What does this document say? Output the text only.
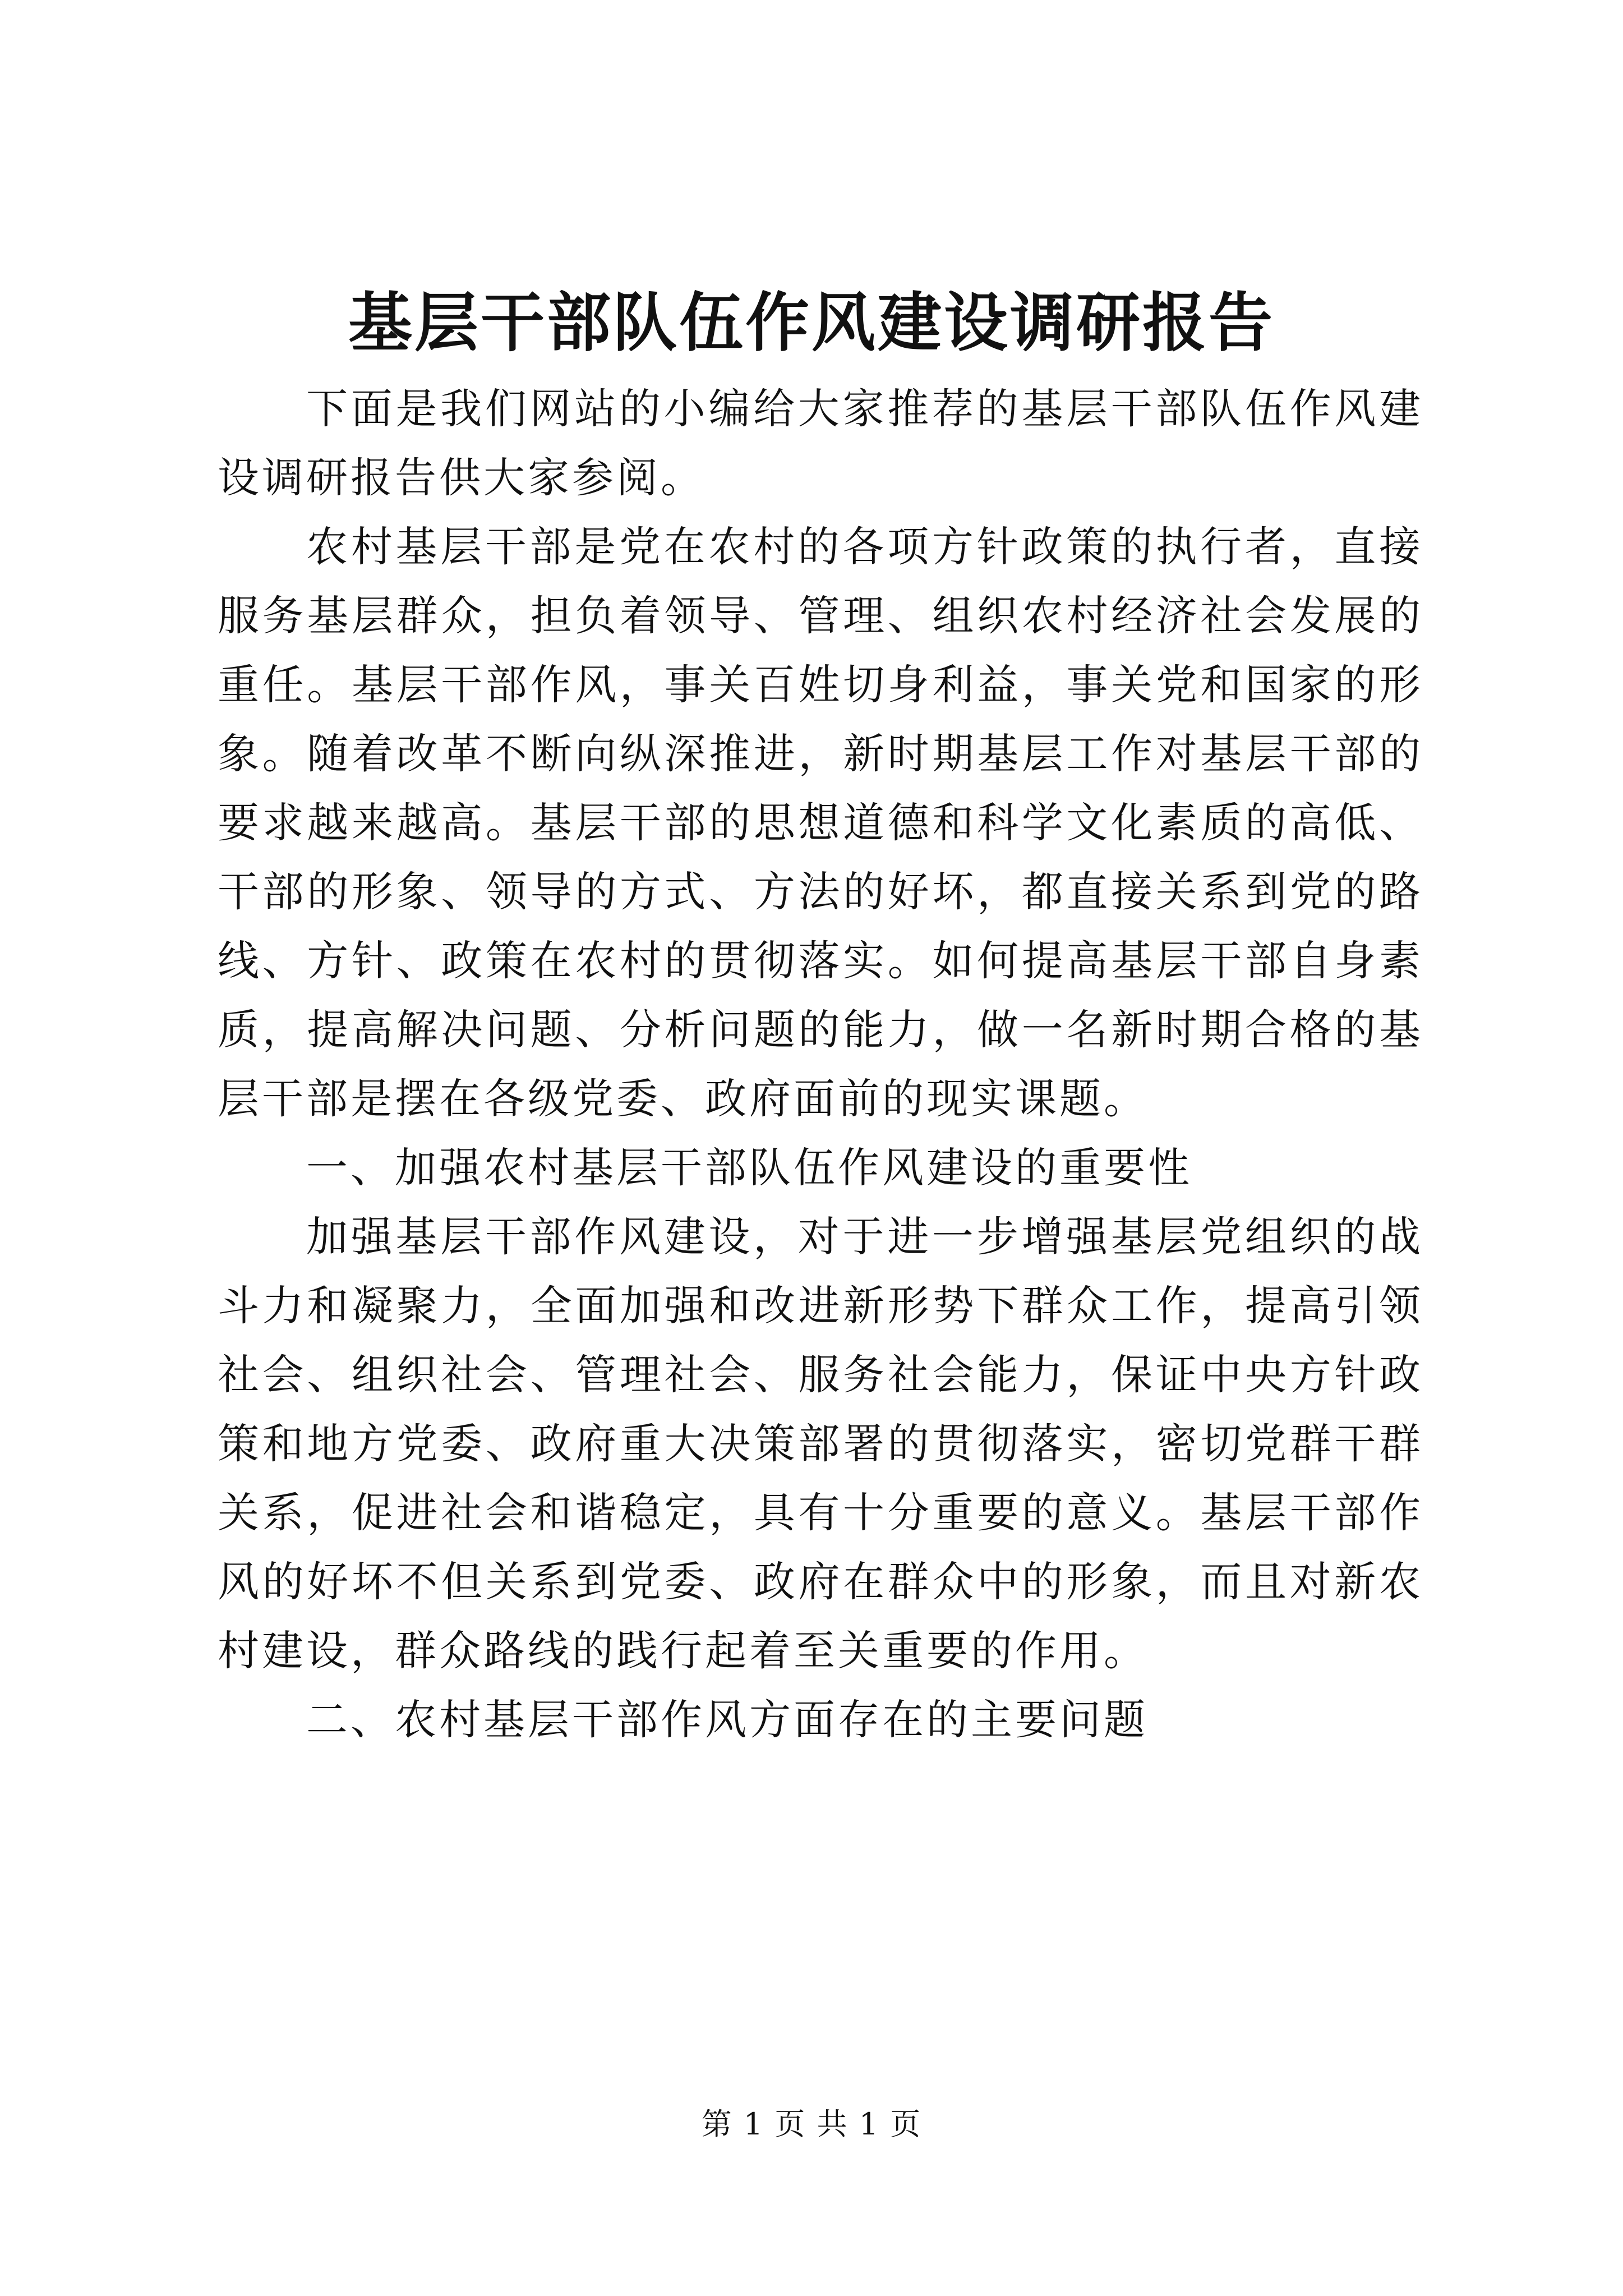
基层干部队伍作风建设调研报告

下面是我们网站的小编给大家推荐的基层干部队伍作风建设调研报告供大家参阅。

农村基层干部是党在农村的各项方针政策的执行者，直接服务基层群众，担负着领导、管理、组织农村经济社会发展的重任。基层干部作风，事关百姓切身利益，事关党和国家的形象。随着改革不断向纵深推进，新时期基层工作对基层干部的要求越来越高。基层干部的思想道德和科学文化素质的高低、干部的形象、领导的方式、方法的好坏，都直接关系到党的路线、方针、政策在农村的贯彻落实。如何提高基层干部自身素质，提高解决问题、分析问题的能力，做一名新时期合格的基层干部是摆在各级党委、政府面前的现实课题。

一、加强农村基层干部队伍作风建设的重要性

加强基层干部作风建设，对于进一步增强基层党组织的战斗力和凝聚力，全面加强和改进新形势下群众工作，提高引领社会、组织社会、管理社会、服务社会能力，保证中央方针政策和地方党委、政府重大决策部署的贯彻落实，密切党群干群关系，促进社会和谐稳定，具有十分重要的意义。基层干部作风的好坏不但关系到党委、政府在群众中的形象，而且对新农村建设，群众路线的践行起着至关重要的作用。

二、农村基层干部作风方面存在的主要问题

第 1 页 共 1 页
